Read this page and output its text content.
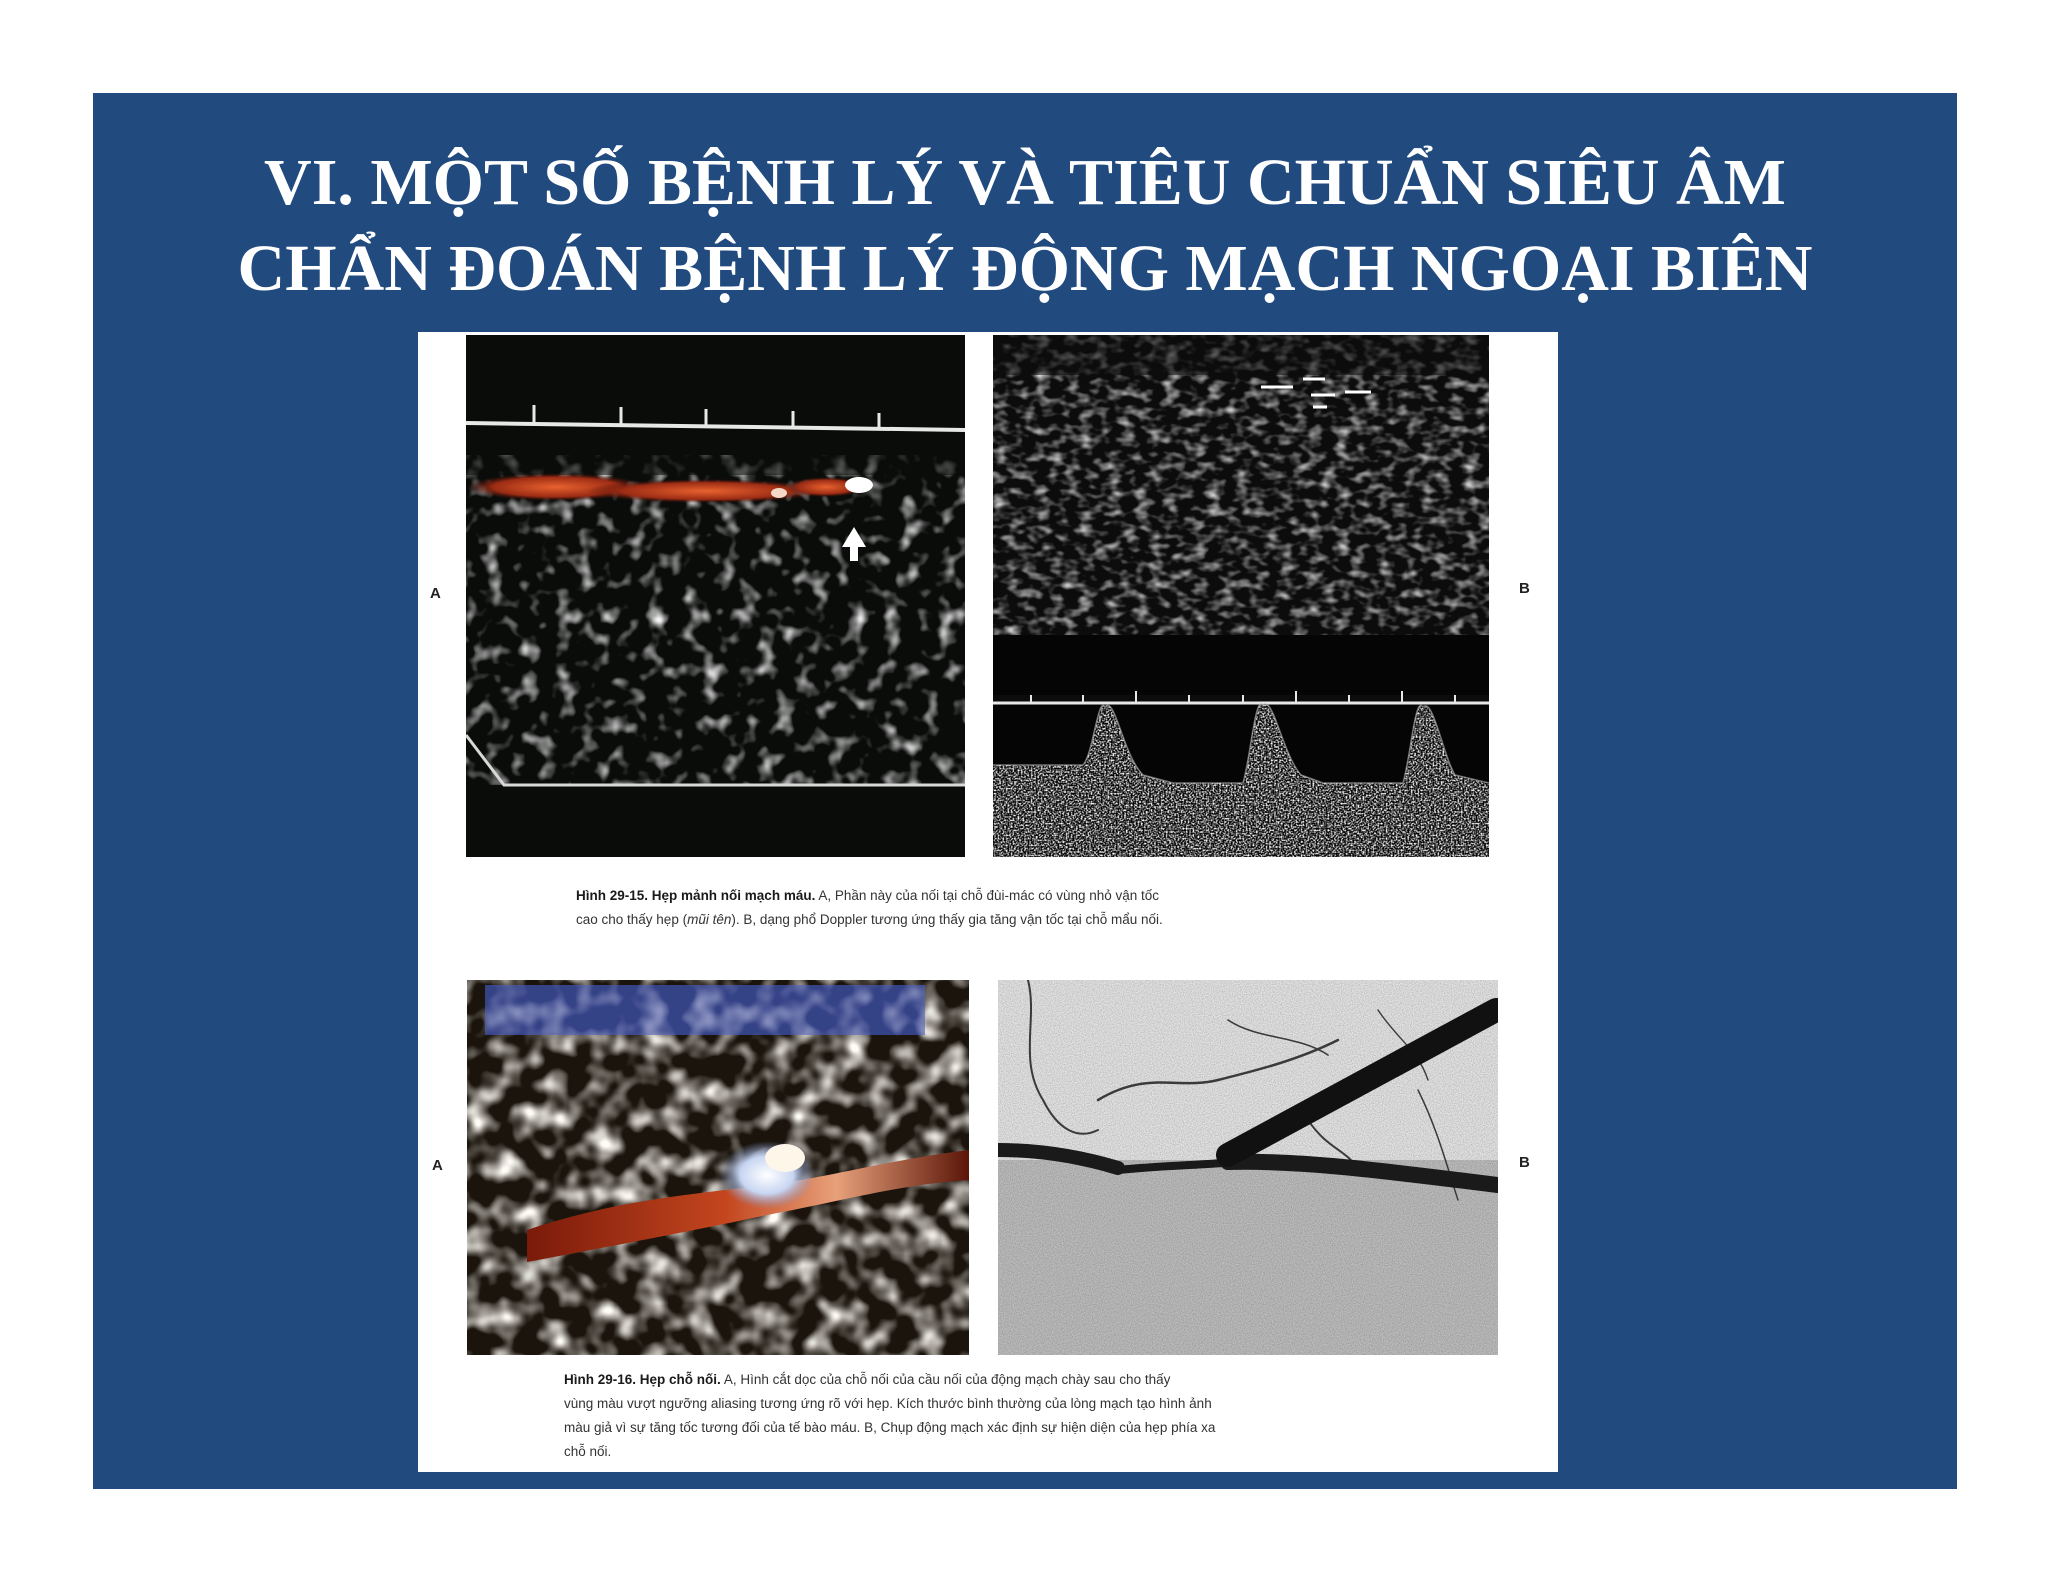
VI. MỘT SỐ BỆNH LÝ VÀ TIÊU CHUẨN SIÊU ÂM
CHẨN ĐOÁN BỆNH LÝ ĐỘNG MẠCH NGOẠI BIÊN
A	B
Hình 29-15. Hẹp mảnh nối mạch máu. A, Phần này của nối tại chỗ đùi-mác có vùng nhỏ vận tốc
cao cho thấy hẹp (mũi tên). B, dạng phổ Doppler tương ứng thấy gia tăng vận tốc tại chỗ mẩu nối.
A	B
Hình 29-16. Hẹp chỗ nối. A, Hình cắt dọc của chỗ nối của cầu nối của động mạch chày sau cho thấy
vùng màu vượt ngưỡng aliasing tương ứng rõ với hẹp. Kích thước bình thường của lòng mạch tạo hình ảnh
màu giả vì sự tăng tốc tương đối của tế bào máu. B, Chụp động mạch xác định sự hiện diện của hẹp phía xa
chỗ nối.
